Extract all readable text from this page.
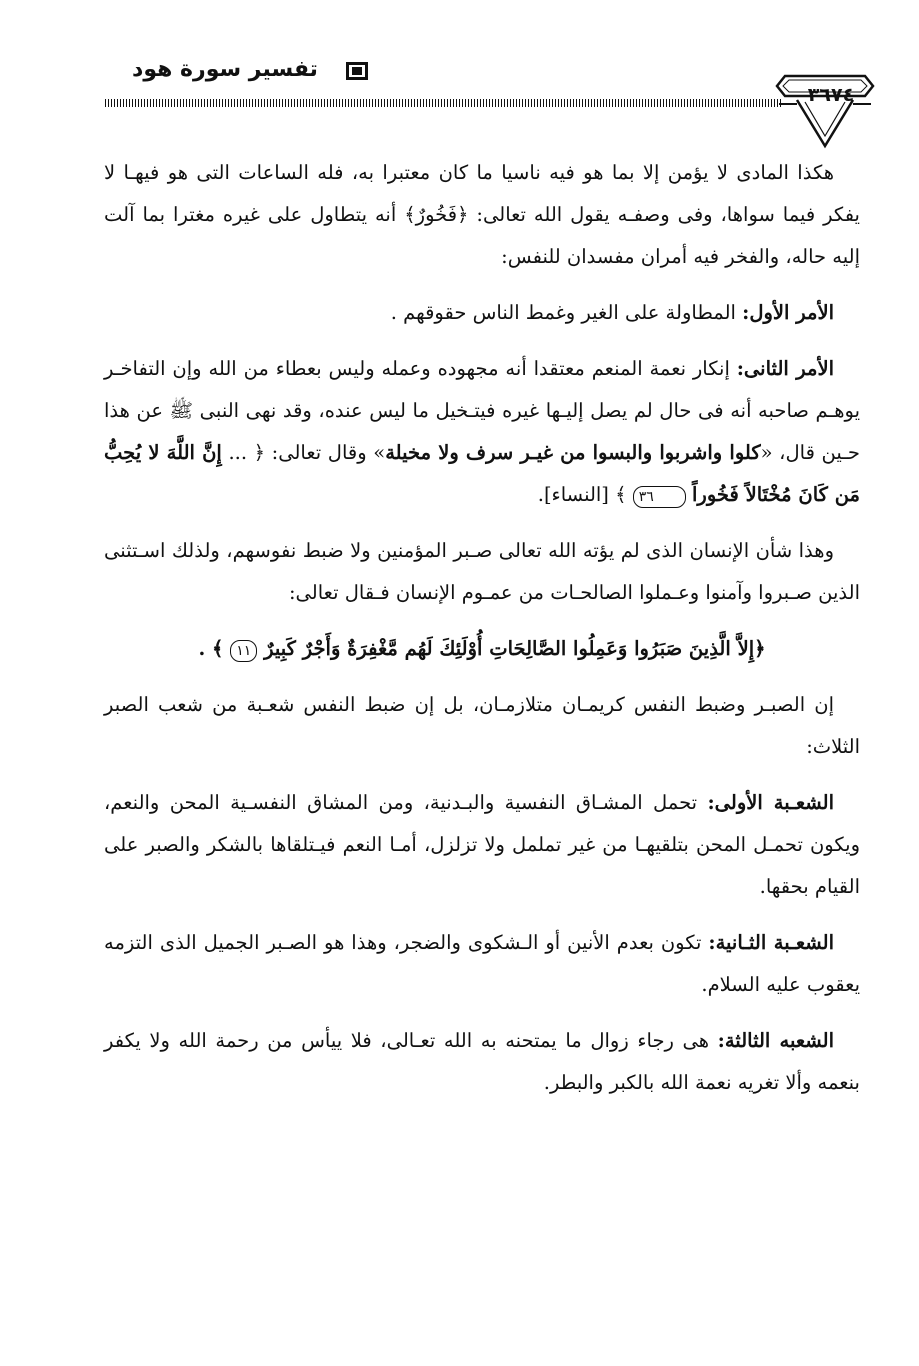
تفسير سورة هود
٣٦٧٤

هكذا المادى لا يؤمن إلا بما هو فيه ناسيا ما كان معتبرا به، فله الساعات التى هو فيهـا لا يفكر فيما سواها، وفى وصفـه يقول الله تعالى: ﴿فَخُورٌ﴾ أنه يتطاول على غيره مغترا بما آلت إليه حاله، والفخر فيه أمران مفسدان للنفس:

الأمر الأول: المطاولة على الغير وغمط الناس حقوقهم .

الأمر الثانى: إنكار نعمة المنعم معتقدا أنه مجهوده وعمله وليس بعطاء من الله وإن التفاخـر يوهـم صاحبه أنه فى حال لم يصل إليـها غيره فيتـخيل ما ليس عنده، وقد نهى النبى ﷺ عن هذا حـين قال، «كلوا واشربوا والبسوا من غيـر سرف ولا مخيلة» وقال تعالى: ﴿ ... إِنَّ اللَّهَ لا يُحِبُّ مَن كَانَ مُخْتَالاً فَخُوراً ٣٦ ﴾ [النساء].

وهذا شأن الإنسان الذى لم يؤته الله تعالى صـبر المؤمنين ولا ضبط نفوسهم، ولذلك اسـتثنى الذين صـبروا وآمنوا وعـملوا الصالحـات من عمـوم الإنسان فـقال تعالى:

﴿إِلاَّ الَّذِينَ صَبَرُوا وَعَمِلُوا الصَّالِحَاتِ أُوْلَئِكَ لَهُم مَّغْفِرَةٌ وَأَجْرٌ كَبِيرٌ ١١ ﴾ .

إن الصبـر وضبط النفس كريمـان متلازمـان، بل إن ضبط النفس شعـبة من شعب الصبر الثلاث:

الشعـبة الأولى: تحمل المشـاق النفسية والبـدنية، ومن المشاق النفسـية المحن والنعم، ويكون تحمـل المحن بتلقيهـا من غير تململ ولا تزلزل، أمـا النعم فيـتلقاها بالشكر والصبر على القيام بحقها.

الشعـبة الثـانية: تكون بعدم الأنين أو الـشكوى والضجر، وهذا هو الصـبر الجميل الذى التزمه يعقوب عليه السلام.

الشعبه الثالثة: هى رجاء زوال ما يمتحنه به الله تعـالى، فلا ييأس من رحمة الله ولا يكفر بنعمه وألا تغريه نعمة الله بالكبر والبطر.
